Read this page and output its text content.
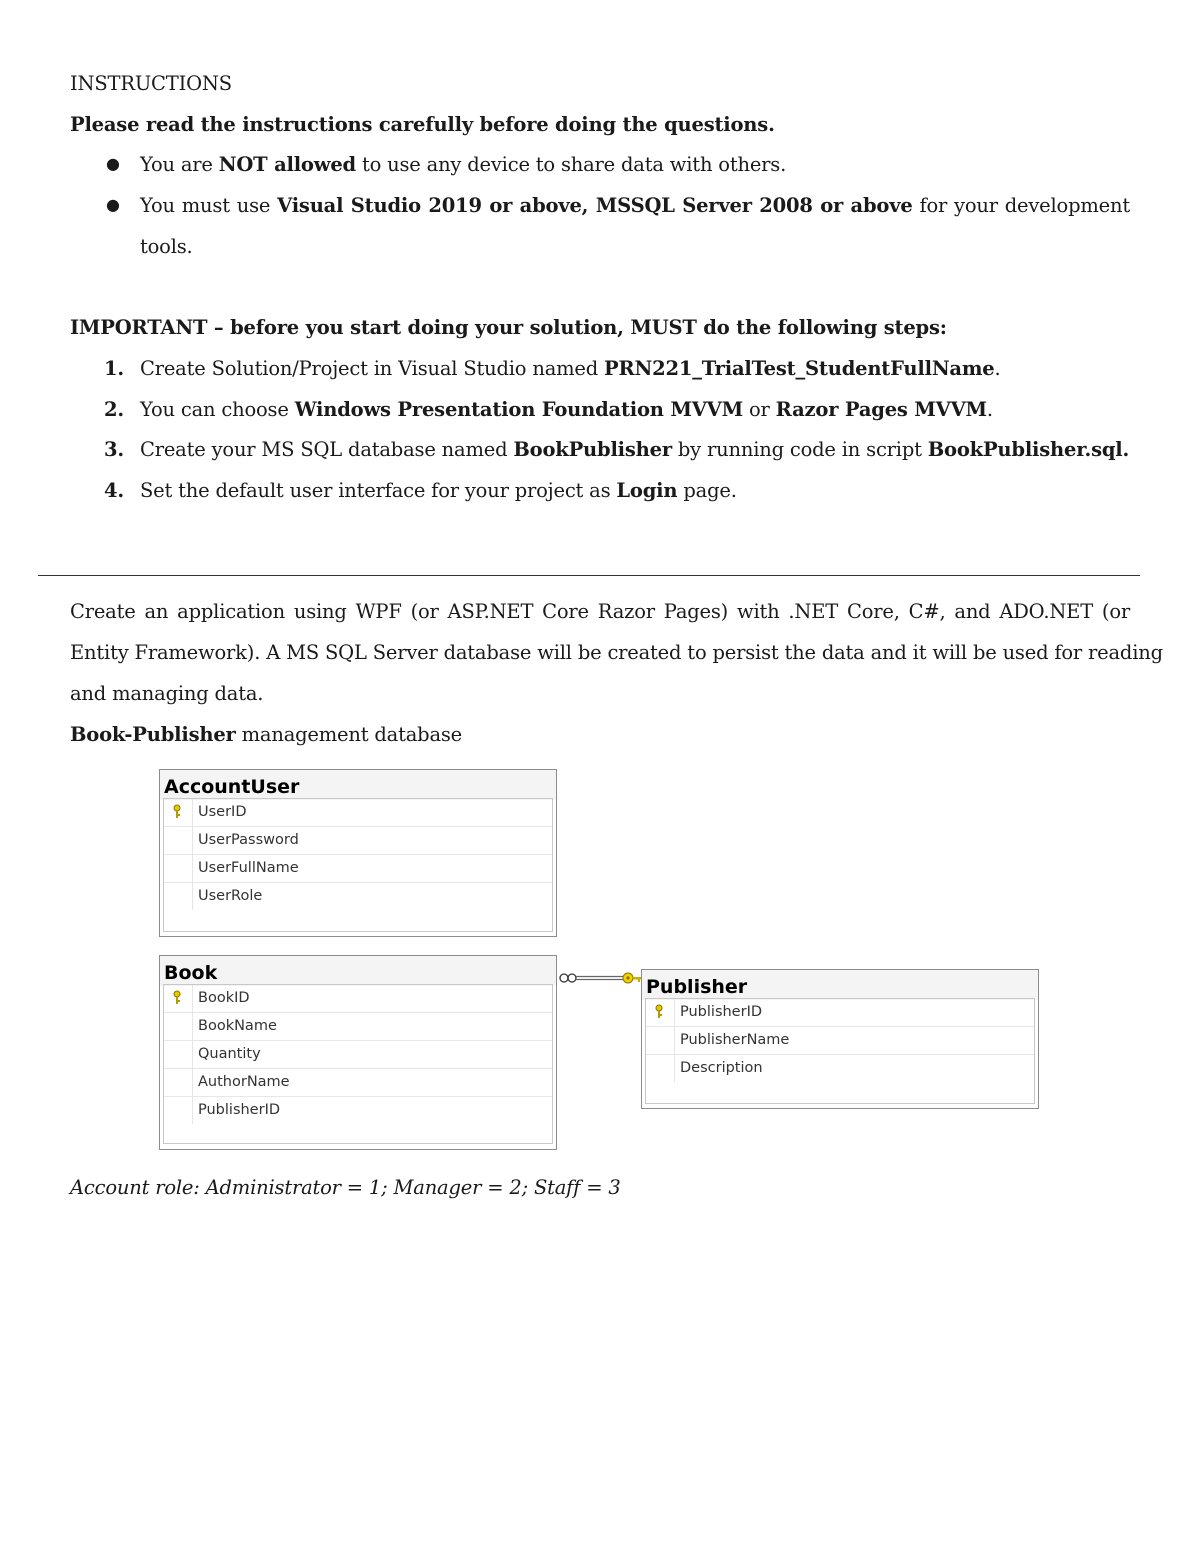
INSTRUCTIONS
Please read the instructions carefully before doing the questions.
● You are NOT allowed to use any device to share data with others.
● You must use Visual Studio 2019 or above, MSSQL Server 2008 or above for your development
tools.
IMPORTANT – before you start doing your solution, MUST do the following steps:
1. Create Solution/Project in Visual Studio named PRN221_TrialTest_StudentFullName.
2. You can choose Windows Presentation Foundation MVVM or Razor Pages MVVM.
3. Create your MS SQL database named BookPublisher by running code in script BookPublisher.sql.
4. Set the default user interface for your project as Login page.
Create an application using WPF (or ASP.NET Core Razor Pages) with .NET Core, C#, and ADO.NET (or
Entity Framework). A MS SQL Server database will be created to persist the data and it will be used for reading
and managing data.
Book-Publisher management database
Account role: Administrator = 1; Manager = 2; Staff = 3
AccountUser
UserID
UserPassword
UserFullName
UserRole
Book
BookID
BookName
Quantity
AuthorName
PublisherID
Publisher
PublisherID
PublisherName
Description
